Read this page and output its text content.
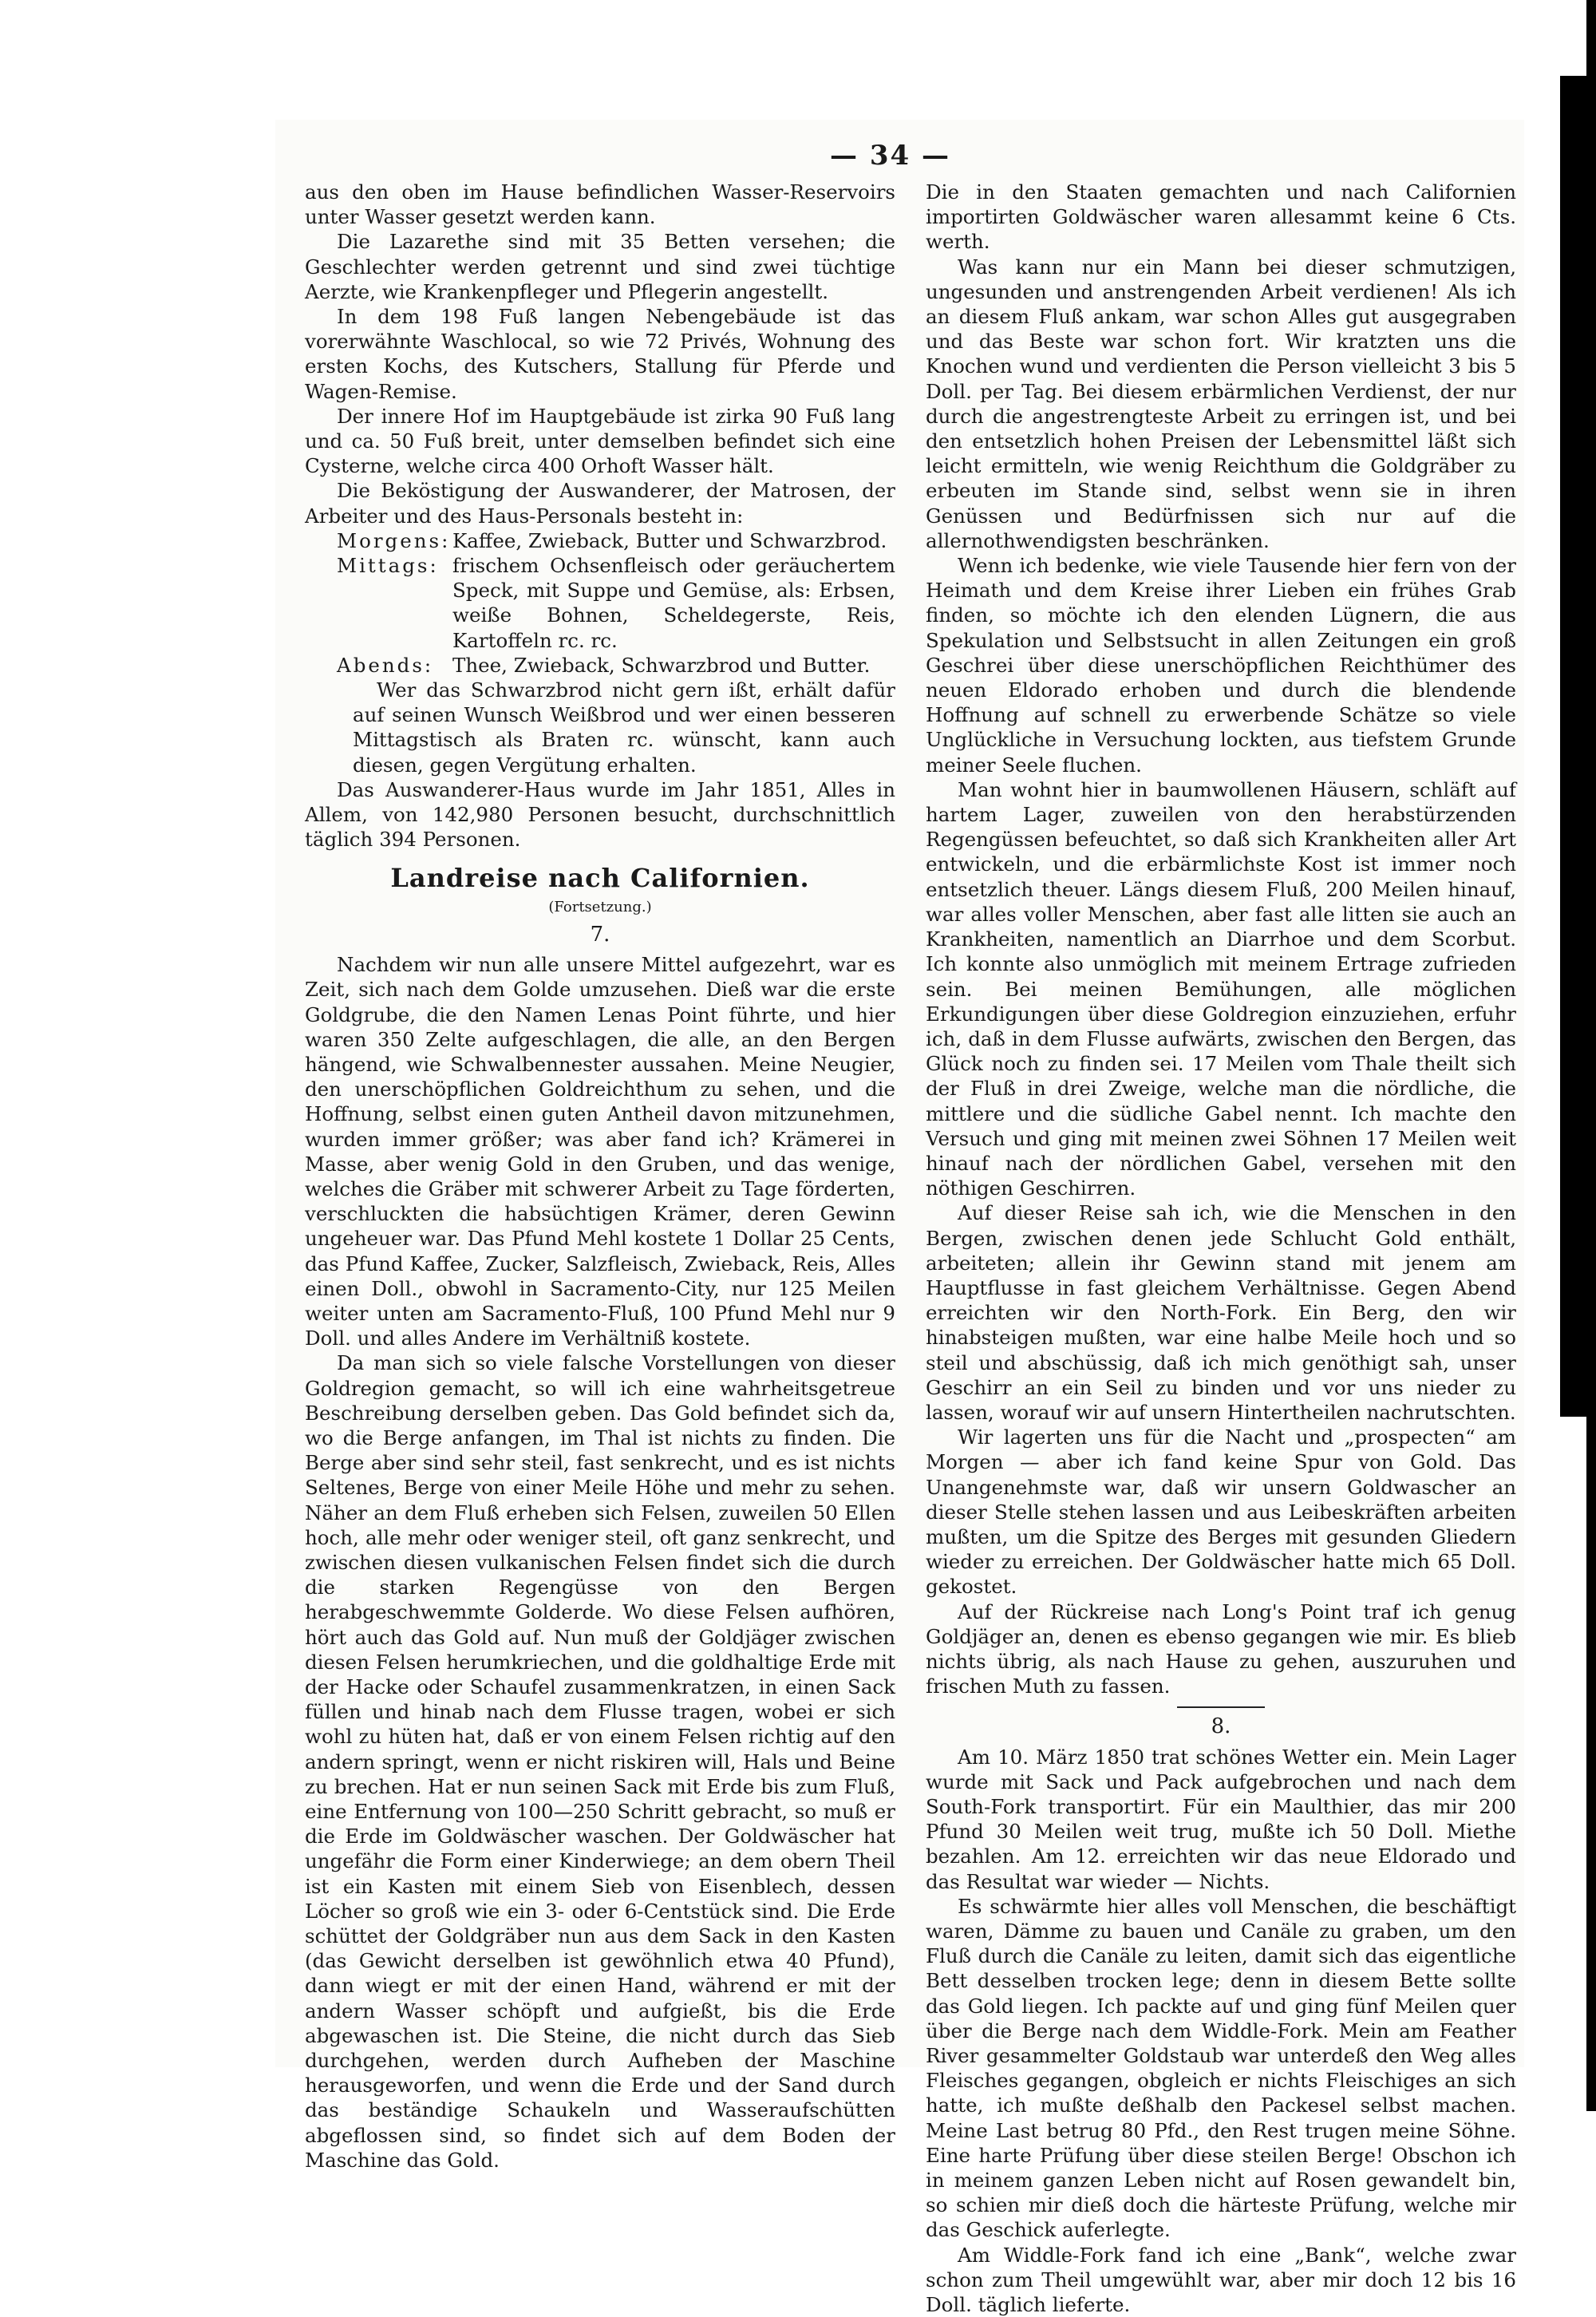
— 34 —

aus den oben im Hause befindlichen Wasser-Reservoirs unter Wasser gesetzt werden kann.

Die Lazarethe sind mit 35 Betten versehen; die Geschlechter werden getrennt und sind zwei tüchtige Aerzte, wie Krankenpfleger und Pflegerin angestellt.

In dem 198 Fuß langen Nebengebäude ist das vorerwähnte Waschlocal, so wie 72 Privés, Wohnung des ersten Kochs, des Kutschers, Stallung für Pferde und Wagen-Remise.

Der innere Hof im Hauptgebäude ist zirka 90 Fuß lang und ca. 50 Fuß breit, unter demselben befindet sich eine Cysterne, welche circa 400 Orhoft Wasser hält.

Die Beköstigung der Auswanderer, der Matrosen, der Arbeiter und des Haus-Personals besteht in:

Morgens: Kaffee, Zwieback, Butter und Schwarzbrod.
Mittags: frischem Ochsenfleisch oder geräuchertem Speck, mit Suppe und Gemüse, als: Erbsen, weiße Bohnen, Scheldegerste, Reis, Kartoffeln rc. rc.
Abends: Thee, Zwieback, Schwarzbrod und Butter.

Wer das Schwarzbrod nicht gern ißt, erhält dafür auf seinen Wunsch Weißbrod und wer einen besseren Mittagstisch als Braten rc. wünscht, kann auch diesen, gegen Vergütung erhalten.

Das Auswanderer-Haus wurde im Jahr 1851, Alles in Allem, von 142,980 Personen besucht, durchschnittlich täglich 394 Personen.

Landreise nach Californien.
(Fortsetzung.)
7.

Nachdem wir nun alle unsere Mittel aufgezehrt, war es Zeit, sich nach dem Golde umzusehen. Dieß war die erste Goldgrube, die den Namen Lenas Point führte, und hier waren 350 Zelte aufgeschlagen, die alle, an den Bergen hängend, wie Schwalbennester aussahen. Meine Neugier, den unerschöpflichen Goldreichthum zu sehen, und die Hoffnung, selbst einen guten Antheil davon mitzunehmen, wurden immer größer; was aber fand ich? Krämerei in Masse, aber wenig Gold in den Gruben, und das wenige, welches die Gräber mit schwerer Arbeit zu Tage förderten, verschluckten die habsüchtigen Krämer, deren Gewinn ungeheuer war. Das Pfund Mehl kostete 1 Dollar 25 Cents, das Pfund Kaffee, Zucker, Salzfleisch, Zwieback, Reis, Alles einen Doll., obwohl in Sacramento-City, nur 125 Meilen weiter unten am Sacramento-Fluß, 100 Pfund Mehl nur 9 Doll. und alles Andere im Verhältniß kostete.

Da man sich so viele falsche Vorstellungen von dieser Goldregion gemacht, so will ich eine wahrheitsgetreue Beschreibung derselben geben. Das Gold befindet sich da, wo die Berge anfangen, im Thal ist nichts zu finden. Die Berge aber sind sehr steil, fast senkrecht, und es ist nichts Seltenes, Berge von einer Meile Höhe und mehr zu sehen. Näher an dem Fluß erheben sich Felsen, zuweilen 50 Ellen hoch, alle mehr oder weniger steil, oft ganz senkrecht, und zwischen diesen vulkanischen Felsen findet sich die durch die starken Regengüsse von den Bergen herabgeschwemmte Golderde. Wo diese Felsen aufhören, hört auch das Gold auf. Nun muß der Goldjäger zwischen diesen Felsen herumkriechen, und die goldhaltige Erde mit der Hacke oder Schaufel zusammenkratzen, in einen Sack füllen und hinab nach dem Flusse tragen, wobei er sich wohl zu hüten hat, daß er von einem Felsen richtig auf den andern springt, wenn er nicht riskiren will, Hals und Beine zu brechen. Hat er nun seinen Sack mit Erde bis zum Fluß, eine Entfernung von 100—250 Schritt gebracht, so muß er die Erde im Goldwäscher waschen. Der Goldwäscher hat ungefähr die Form einer Kinderwiege; an dem obern Theil ist ein Kasten mit einem Sieb von Eisenblech, dessen Löcher so groß wie ein 3- oder 6-Centstück sind. Die Erde schüttet der Goldgräber nun aus dem Sack in den Kasten (das Gewicht derselben ist gewöhnlich etwa 40 Pfund), dann wiegt er mit der einen Hand, während er mit der andern Wasser schöpft und aufgießt, bis die Erde abgewaschen ist. Die Steine, die nicht durch das Sieb durchgehen, werden durch Aufheben der Maschine herausgeworfen, und wenn die Erde und der Sand durch das beständige Schaukeln und Wasseraufschütten abgeflossen sind, so findet sich auf dem Boden der Maschine das Gold.

Die in den Staaten gemachten und nach Californien importirten Goldwäscher waren allesammt keine 6 Cts. werth.

Was kann nur ein Mann bei dieser schmutzigen, ungesunden und anstrengenden Arbeit verdienen! Als ich an diesem Fluß ankam, war schon Alles gut ausgegraben und das Beste war schon fort. Wir kratzten uns die Knochen wund und verdienten die Person vielleicht 3 bis 5 Doll. per Tag. Bei diesem erbärmlichen Verdienst, der nur durch die angestrengteste Arbeit zu erringen ist, und bei den entsetzlich hohen Preisen der Lebensmittel läßt sich leicht ermitteln, wie wenig Reichthum die Goldgräber zu erbeuten im Stande sind, selbst wenn sie in ihren Genüssen und Bedürfnissen sich nur auf die allernothwendigsten beschränken.

Wenn ich bedenke, wie viele Tausende hier fern von der Heimath und dem Kreise ihrer Lieben ein frühes Grab finden, so möchte ich den elenden Lügnern, die aus Spekulation und Selbstsucht in allen Zeitungen ein groß Geschrei über diese unerschöpflichen Reichthümer des neuen Eldorado erhoben und durch die blendende Hoffnung auf schnell zu erwerbende Schätze so viele Unglückliche in Versuchung lockten, aus tiefstem Grunde meiner Seele fluchen.

Man wohnt hier in baumwollenen Häusern, schläft auf hartem Lager, zuweilen von den herabstürzenden Regengüssen befeuchtet, so daß sich Krankheiten aller Art entwickeln, und die erbärmlichste Kost ist immer noch entsetzlich theuer. Längs diesem Fluß, 200 Meilen hinauf, war alles voller Menschen, aber fast alle litten sie auch an Krankheiten, namentlich an Diarrhoe und dem Scorbut. Ich konnte also unmöglich mit meinem Ertrage zufrieden sein. Bei meinen Bemühungen, alle möglichen Erkundigungen über diese Goldregion einzuziehen, erfuhr ich, daß in dem Flusse aufwärts, zwischen den Bergen, das Glück noch zu finden sei. 17 Meilen vom Thale theilt sich der Fluß in drei Zweige, welche man die nördliche, die mittlere und die südliche Gabel nennt. Ich machte den Versuch und ging mit meinen zwei Söhnen 17 Meilen weit hinauf nach der nördlichen Gabel, versehen mit den nöthigen Geschirren.

Auf dieser Reise sah ich, wie die Menschen in den Bergen, zwischen denen jede Schlucht Gold enthält, arbeiteten; allein ihr Gewinn stand mit jenem am Hauptflusse in fast gleichem Verhältnisse. Gegen Abend erreichten wir den North-Fork. Ein Berg, den wir hinabsteigen mußten, war eine halbe Meile hoch und so steil und abschüssig, daß ich mich genöthigt sah, unser Geschirr an ein Seil zu binden und vor uns nieder zu lassen, worauf wir auf unsern Hintertheilen nachrutschten.

Wir lagerten uns für die Nacht und „prospecten“ am Morgen — aber ich fand keine Spur von Gold. Das Unangenehmste war, daß wir unsern Goldwascher an dieser Stelle stehen lassen und aus Leibeskräften arbeiten mußten, um die Spitze des Berges mit gesunden Gliedern wieder zu erreichen. Der Goldwäscher hatte mich 65 Doll. gekostet.

Auf der Rückreise nach Long's Point traf ich genug Goldjäger an, denen es ebenso gegangen wie mir. Es blieb nichts übrig, als nach Hause zu gehen, auszuruhen und frischen Muth zu fassen.

8.

Am 10. März 1850 trat schönes Wetter ein. Mein Lager wurde mit Sack und Pack aufgebrochen und nach dem South-Fork transportirt. Für ein Maulthier, das mir 200 Pfund 30 Meilen weit trug, mußte ich 50 Doll. Miethe bezahlen. Am 12. erreichten wir das neue Eldorado und das Resultat war wieder — Nichts.

Es schwärmte hier alles voll Menschen, die beschäftigt waren, Dämme zu bauen und Canäle zu graben, um den Fluß durch die Canäle zu leiten, damit sich das eigentliche Bett desselben trocken lege; denn in diesem Bette sollte das Gold liegen. Ich packte auf und ging fünf Meilen quer über die Berge nach dem Widdle-Fork. Mein am Feather River gesammelter Goldstaub war unterdeß den Weg alles Fleisches gegangen, obgleich er nichts Fleischiges an sich hatte, ich mußte deßhalb den Packesel selbst machen. Meine Last betrug 80 Pfd., den Rest trugen meine Söhne. Eine harte Prüfung über diese steilen Berge! Obschon ich in meinem ganzen Leben nicht auf Rosen gewandelt bin, so schien mir dieß doch die härteste Prüfung, welche mir das Geschick auferlegte.

Am Widdle-Fork fand ich eine „Bank“, welche zwar schon zum Theil umgewühlt war, aber mir doch 12 bis 16 Doll. täglich lieferte.
